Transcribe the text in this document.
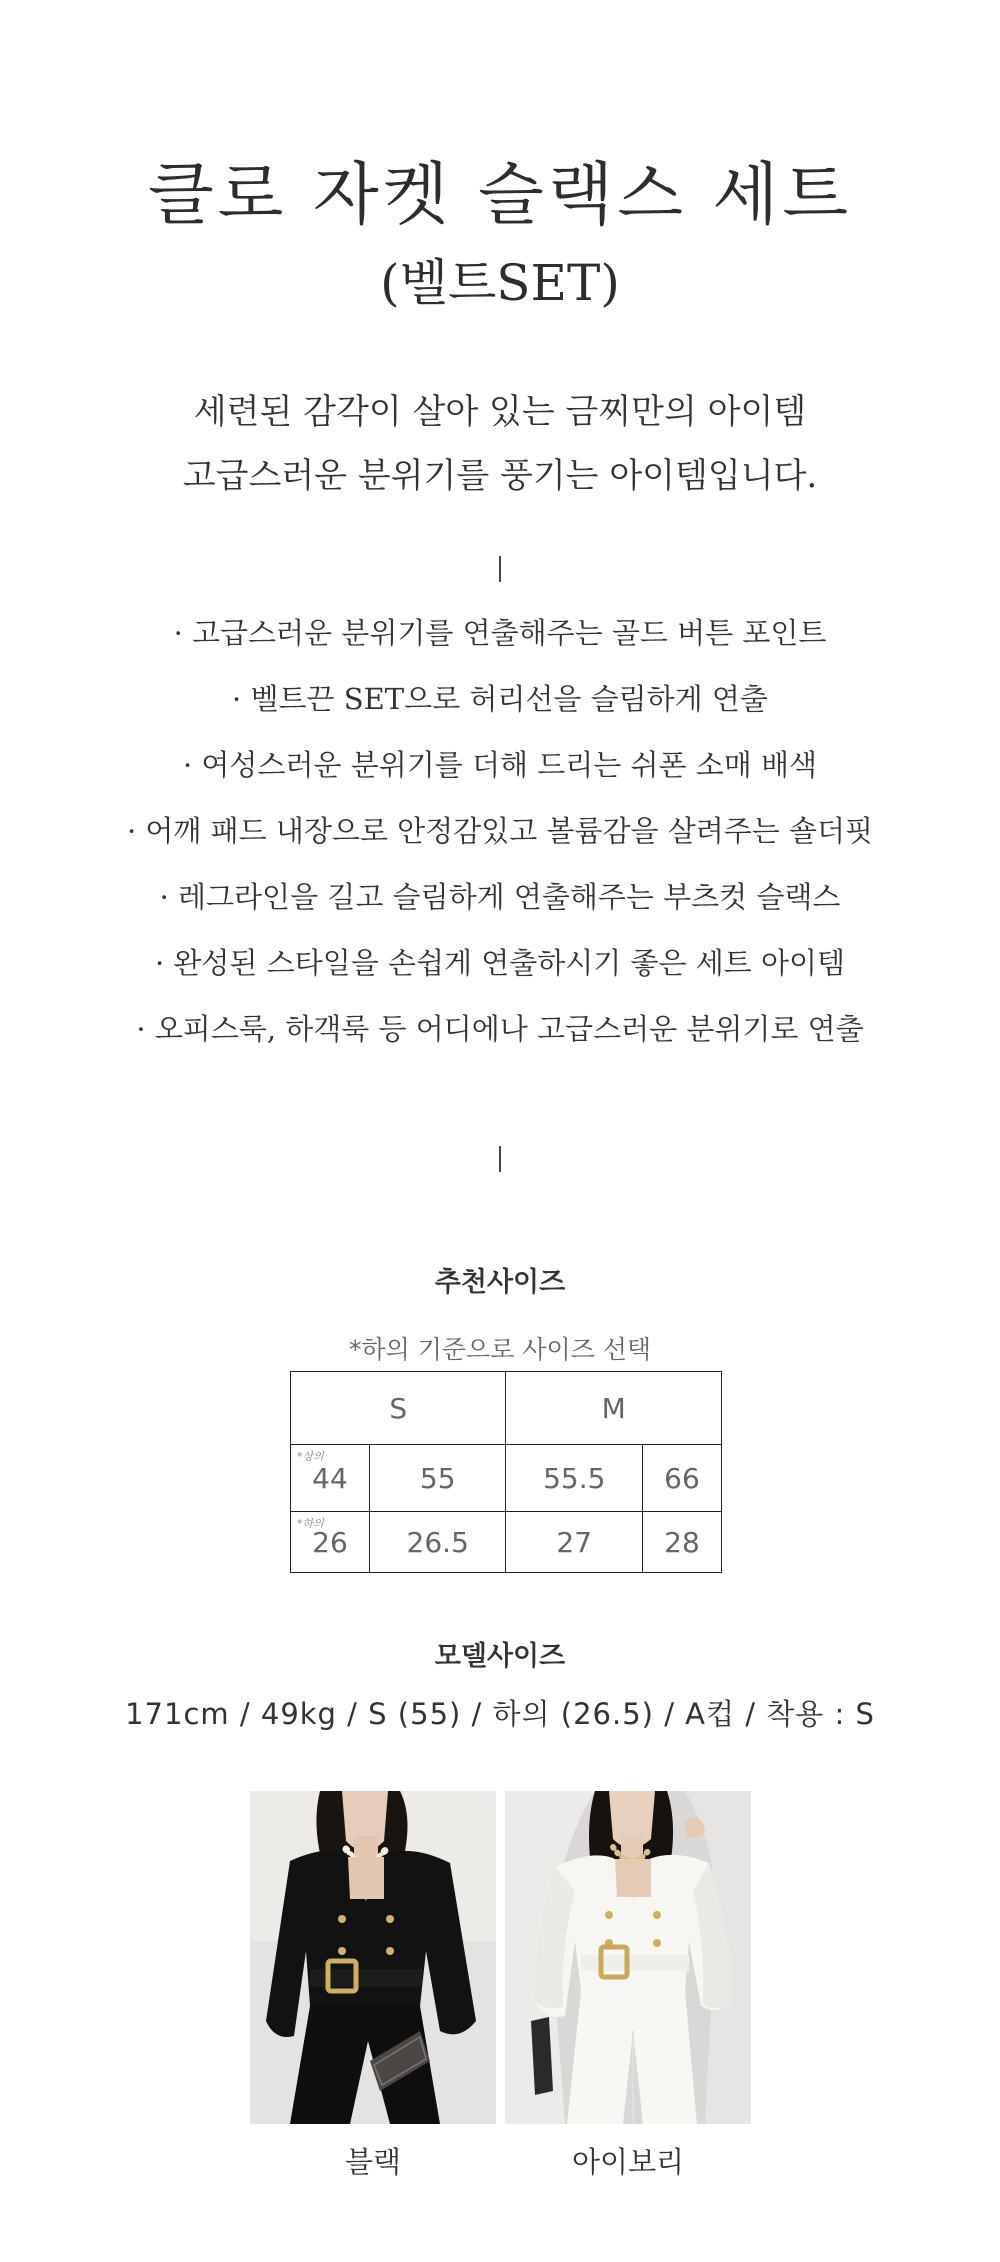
클로 자켓 슬랙스 세트
(벨트SET)
세련된 감각이 살아 있는 금찌만의 아이템
고급스러운 분위기를 풍기는 아이템입니다.
· 고급스러운 분위기를 연출해주는 골드 버튼 포인트
· 벨트끈 SET으로 허리선을 슬림하게 연출
· 여성스러운 분위기를 더해 드리는 쉬폰 소매 배색
· 어깨 패드 내장으로 안정감있고 볼륨감을 살려주는 숄더핏
· 레그라인을 길고 슬림하게 연출해주는 부츠컷 슬랙스
· 완성된 스타일을 손쉽게 연출하시기 좋은 세트 아이템
· 오피스룩, 하객룩 등 어디에나 고급스러운 분위기로 연출
추천사이즈
*하의 기준으로 사이즈 선택
S		M	

*상의
44	55	55.5	66

*하의
26	26.5	27	28
모델사이즈
171cm / 49kg / S (55) / 하의 (26.5) / A컵 / 착용 : S
블랙	아이보리
